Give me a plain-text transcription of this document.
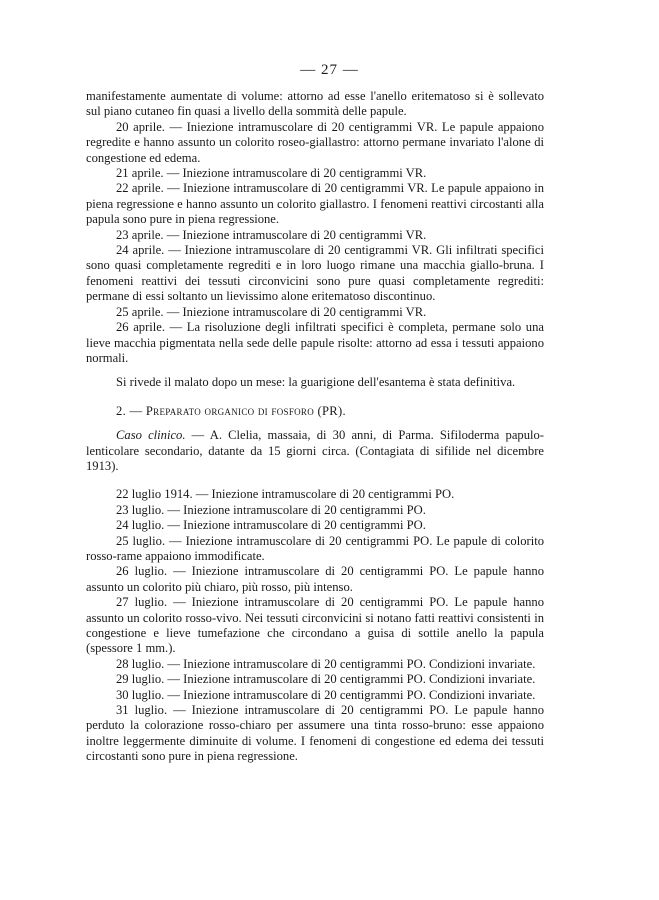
— 27 —

manifestamente aumentate di volume: attorno ad esse l'anello eritematoso si è sollevato sul piano cutaneo fin quasi a livello della sommità delle papule.

20 aprile. — Iniezione intramuscolare di 20 centigrammi VR. Le papule appaiono regredite e hanno assunto un colorito roseo-giallastro: attorno permane invariato l'alone di congestione ed edema.

21 aprile. — Iniezione intramuscolare di 20 centigrammi VR.

22 aprile. — Iniezione intramuscolare di 20 centigrammi VR. Le papule appaiono in piena regressione e hanno assunto un colorito giallastro. I fenomeni reattivi circostanti alla papula sono pure in piena regressione.

23 aprile. — Iniezione intramuscolare di 20 centigrammi VR.

24 aprile. — Iniezione intramuscolare di 20 centigrammi VR. Gli infiltrati specifici sono quasi completamente regrediti e in loro luogo rimane una macchia giallo-bruna. I fenomeni reattivi dei tessuti circonvicini sono pure quasi completamente regrediti: permane di essi soltanto un lievissimo alone eritematoso discontinuo.

25 aprile. — Iniezione intramuscolare di 20 centigrammi VR.

26 aprile. — La risoluzione degli infiltrati specifici è completa, permane solo una lieve macchia pigmentata nella sede delle papule risolte: attorno ad essa i tessuti appaiono normali.

Si rivede il malato dopo un mese: la guarigione dell'esantema è stata definitiva.

2. — Preparato organico di fosforo (PR).

Caso clinico. — A. Clelia, massaia, di 30 anni, di Parma. Sifiloderma papulo-lenticolare secondario, datante da 15 giorni circa. (Contagiata di sifilide nel dicembre 1913).

22 luglio 1914. — Iniezione intramuscolare di 20 centigrammi PO.

23 luglio. — Iniezione intramuscolare di 20 centigrammi PO.

24 luglio. — Iniezione intramuscolare di 20 centigrammi PO.

25 luglio. — Iniezione intramuscolare di 20 centigrammi PO. Le papule di colorito rosso-rame appaiono immodificate.

26 luglio. — Iniezione intramuscolare di 20 centigrammi PO. Le papule hanno assunto un colorito più chiaro, più rosso, più intenso.

27 luglio. — Iniezione intramuscolare di 20 centigrammi PO. Le papule hanno assunto un colorito rosso-vivo. Nei tessuti circonvicini si notano fatti reattivi consistenti in congestione e lieve tumefazione che circondano a guisa di sottile anello la papula (spessore 1 mm.).

28 luglio. — Iniezione intramuscolare di 20 centigrammi PO. Condizioni invariate.

29 luglio. — Iniezione intramuscolare di 20 centigrammi PO. Condizioni invariate.

30 luglio. — Iniezione intramuscolare di 20 centigrammi PO. Condizioni invariate.

31 luglio. — Iniezione intramuscolare di 20 centigrammi PO. Le papule hanno perduto la colorazione rosso-chiaro per assumere una tinta rosso-bruno: esse appaiono inoltre leggermente diminuite di volume. I fenomeni di congestione ed edema dei tessuti circostanti sono pure in piena regressione.
